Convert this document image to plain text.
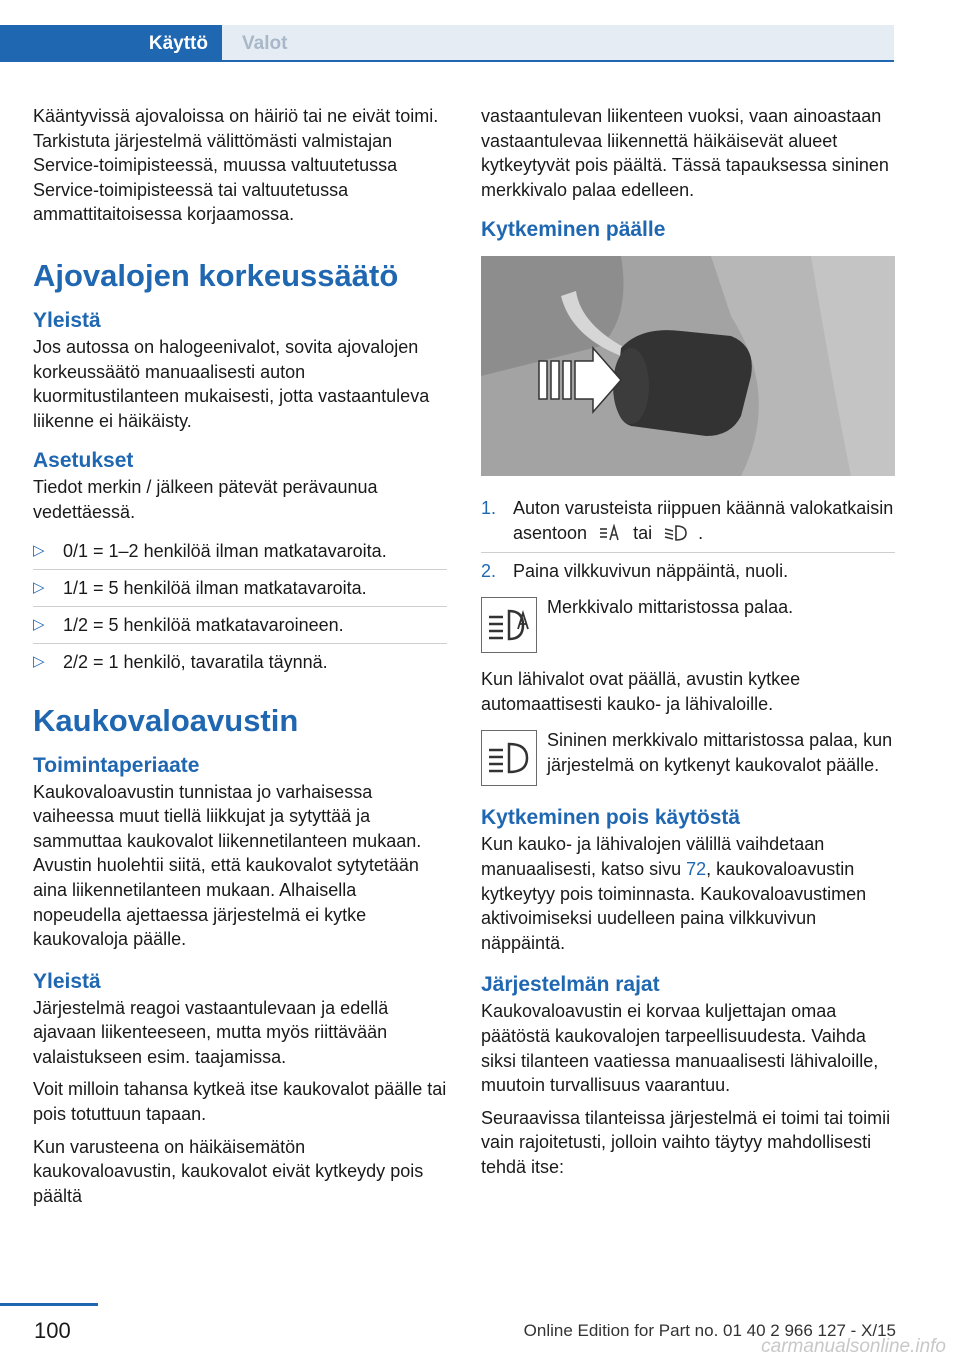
Käyttö	Valot

Kääntyvissä ajovaloissa on häiriö tai ne eivät toimi. Tarkistuta järjestelmä välittömästi valmistajan Service-toimipisteessä, muussa valtuutetussa Service-toimipisteessä tai valtuutetussa ammattitaitoisessa korjaamossa.

Ajovalojen korkeussäätö
Yleistä

Jos autossa on halogeenivalot, sovita ajovalojen korkeussäätö manuaalisesti auton kuormitustilanteen mukaisesti, jotta vastaantuleva liikenne ei häikäisty.

Asetukset

Tiedot merkin / jälkeen pätevät perävaunua vedettäessä.

▷ 0/1 = 1–2 henkilöä ilman matkatavaroita.
▷ 1/1 = 5 henkilöä ilman matkatavaroita.
▷ 1/2 = 5 henkilöä matkatavaroineen.
▷ 2/2 = 1 henkilö, tavaratila täynnä.
Kaukovaloavustin
Toimintaperiaate

Kaukovaloavustin tunnistaa jo varhaisessa vaiheessa muut tiellä liikkujat ja sytyttää ja sammuttaa kaukovalot liikennetilanteen mukaan. Avustin huolehtii siitä, että kaukovalot sytytetään aina liikennetilanteen mukaan. Alhaisella nopeudella ajettaessa järjestelmä ei kytke kaukovaloja päälle.

Yleistä

Järjestelmä reagoi vastaantulevaan ja edellä ajavaan liikenteeseen, mutta myös riittävään valaistukseen esim. taajamissa.

Voit milloin tahansa kytkeä itse kaukovalot päälle tai pois totuttuun tapaan.

Kun varusteena on häikäisemätön kaukovaloavustin, kaukovalot eivät kytkeydy pois päältä

vastaantulevan liikenteen vuoksi, vaan ainoastaan vastaantulevaa liikennettä häikäisevät alueet kytkeytyvät pois päältä. Tässä tapauksessa sininen merkkivalo palaa edelleen.

Kytkeminen päälle
1. Auton varusteista riippuen käännä valokatkaisin asentoon	tai	.
2. Paina vilkkuvivun näppäintä, nuoli.

Merkkivalo mittaristossa palaa.

Kun lähivalot ovat päällä, avustin kytkee automaattisesti kauko- ja lähivaloille.

Sininen merkkivalo mittaristossa palaa, kun järjestelmä on kytkenyt kaukovalot päälle.

Kytkeminen pois käytöstä

Kun kauko- ja lähivalojen välillä vaihdetaan manuaalisesti, katso sivu 72, kaukovaloavustin kytkeytyy pois toiminnasta. Kaukovaloavustimen aktivoimiseksi uudelleen paina vilkkuvivun näppäintä.

Järjestelmän rajat

Kaukovaloavustin ei korvaa kuljettajan omaa päätöstä kaukovalojen tarpeellisuudesta. Vaihda siksi tilanteen vaatiessa manuaalisesti lähivaloille, muutoin turvallisuus vaarantuu.

Seuraavissa tilanteissa järjestelmä ei toimi tai toimii vain rajoitetusti, jolloin vaihto täytyy mahdollisesti tehdä itse:

100	Online Edition for Part no. 01 40 2 966 127 - X/15
carmanualsonline.info
